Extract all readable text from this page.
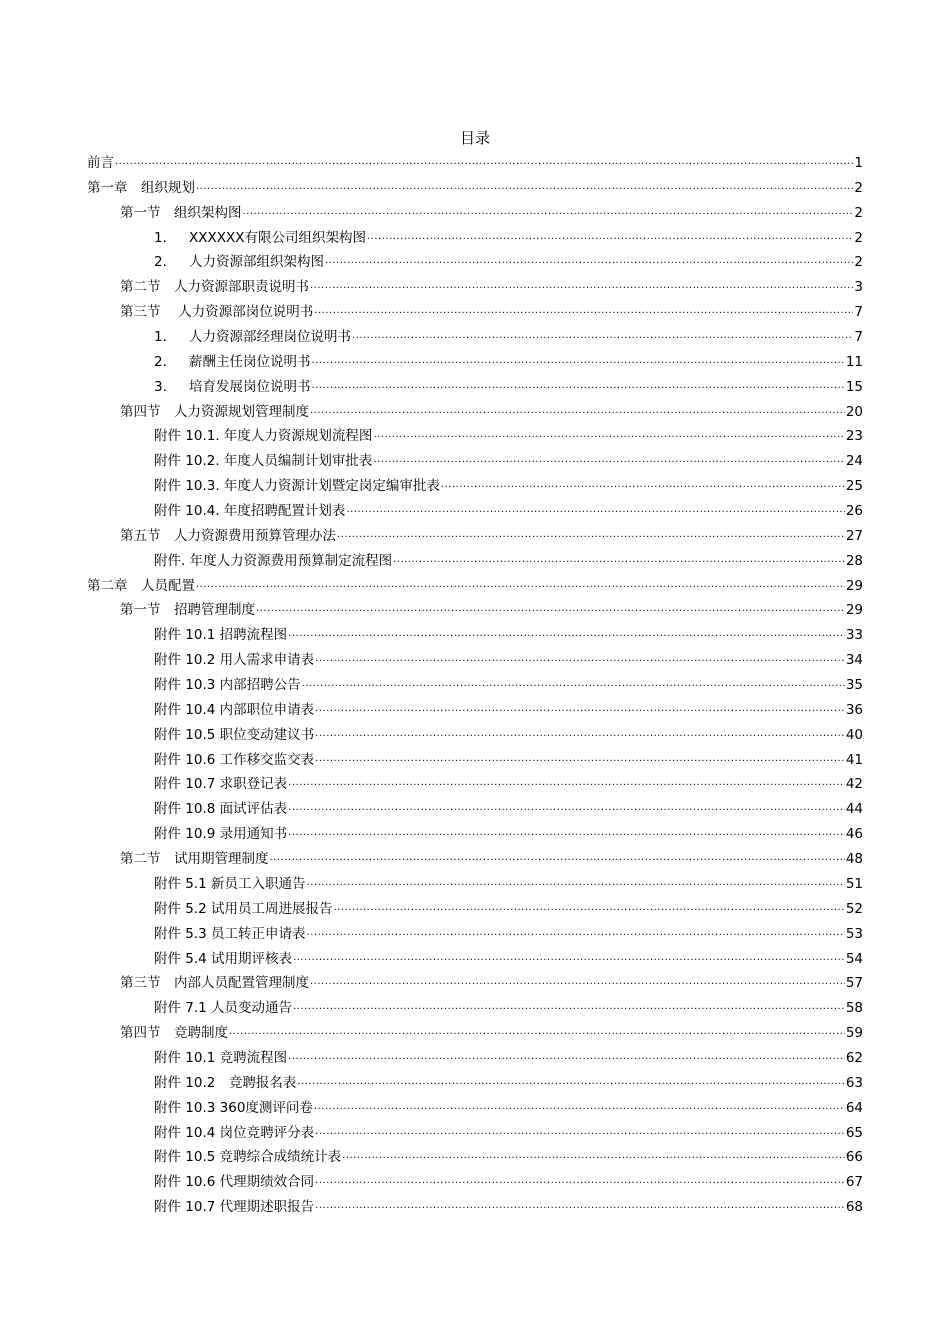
目录
前言 .....	1
第一章　组织规划 .....	2
第一节　组织架构图 .....	2
1. XXXXXX有限公司组织架构图 .....	2
2. 人力资源部组织架构图 .....	2
第二节　人力资源部职责说明书 .....	3
第三节　 人力资源部岗位说明书 .....	7
1. 人力资源部经理岗位说明书 .....	7
2. 薪酬主任岗位说明书 .....	11
3. 培育发展岗位说明书 .....	15
第四节　人力资源规划管理制度 .....	20
附件 10.1. 年度人力资源规划流程图 .....	23
附件 10.2. 年度人员编制计划审批表 .....	24
附件 10.3. 年度人力资源计划暨定岗定编审批表 .....	25
附件 10.4. 年度招聘配置计划表 .....	26
第五节　人力资源费用预算管理办法 .....	27
附件. 年度人力资源费用预算制定流程图 .....	28
第二章　人员配置 .....	29
第一节　招聘管理制度 .....	29
附件 10.1 招聘流程图 .....	33
附件 10.2 用人需求申请表 .....	34
附件 10.3 内部招聘公告 .....	35
附件 10.4 内部职位申请表 .....	36
附件 10.5 职位变动建议书 .....	40
附件 10.6 工作移交监交表 .....	41
附件 10.7 求职登记表 .....	42
附件 10.8 面试评估表 .....	44
附件 10.9 录用通知书 .....	46
第二节　试用期管理制度 .....	48
附件 5.1 新员工入职通告 .....	51
附件 5.2 试用员工周进展报告 .....	52
附件 5.3 员工转正申请表 .....	53
附件 5.4 试用期评核表 .....	54
第三节　内部人员配置管理制度 .....	57
附件 7.1 人员变动通告 .....	58
第四节　竞聘制度 .....	59
附件 10.1 竞聘流程图 .....	62
附件 10.2　竞聘报名表 .....	63
附件 10.3 360度测评问卷 .....	64
附件 10.4 岗位竞聘评分表 .....	65
附件 10.5 竞聘综合成绩统计表 .....	66
附件 10.6 代理期绩效合同 .....	67
附件 10.7 代理期述职报告 .....	68
